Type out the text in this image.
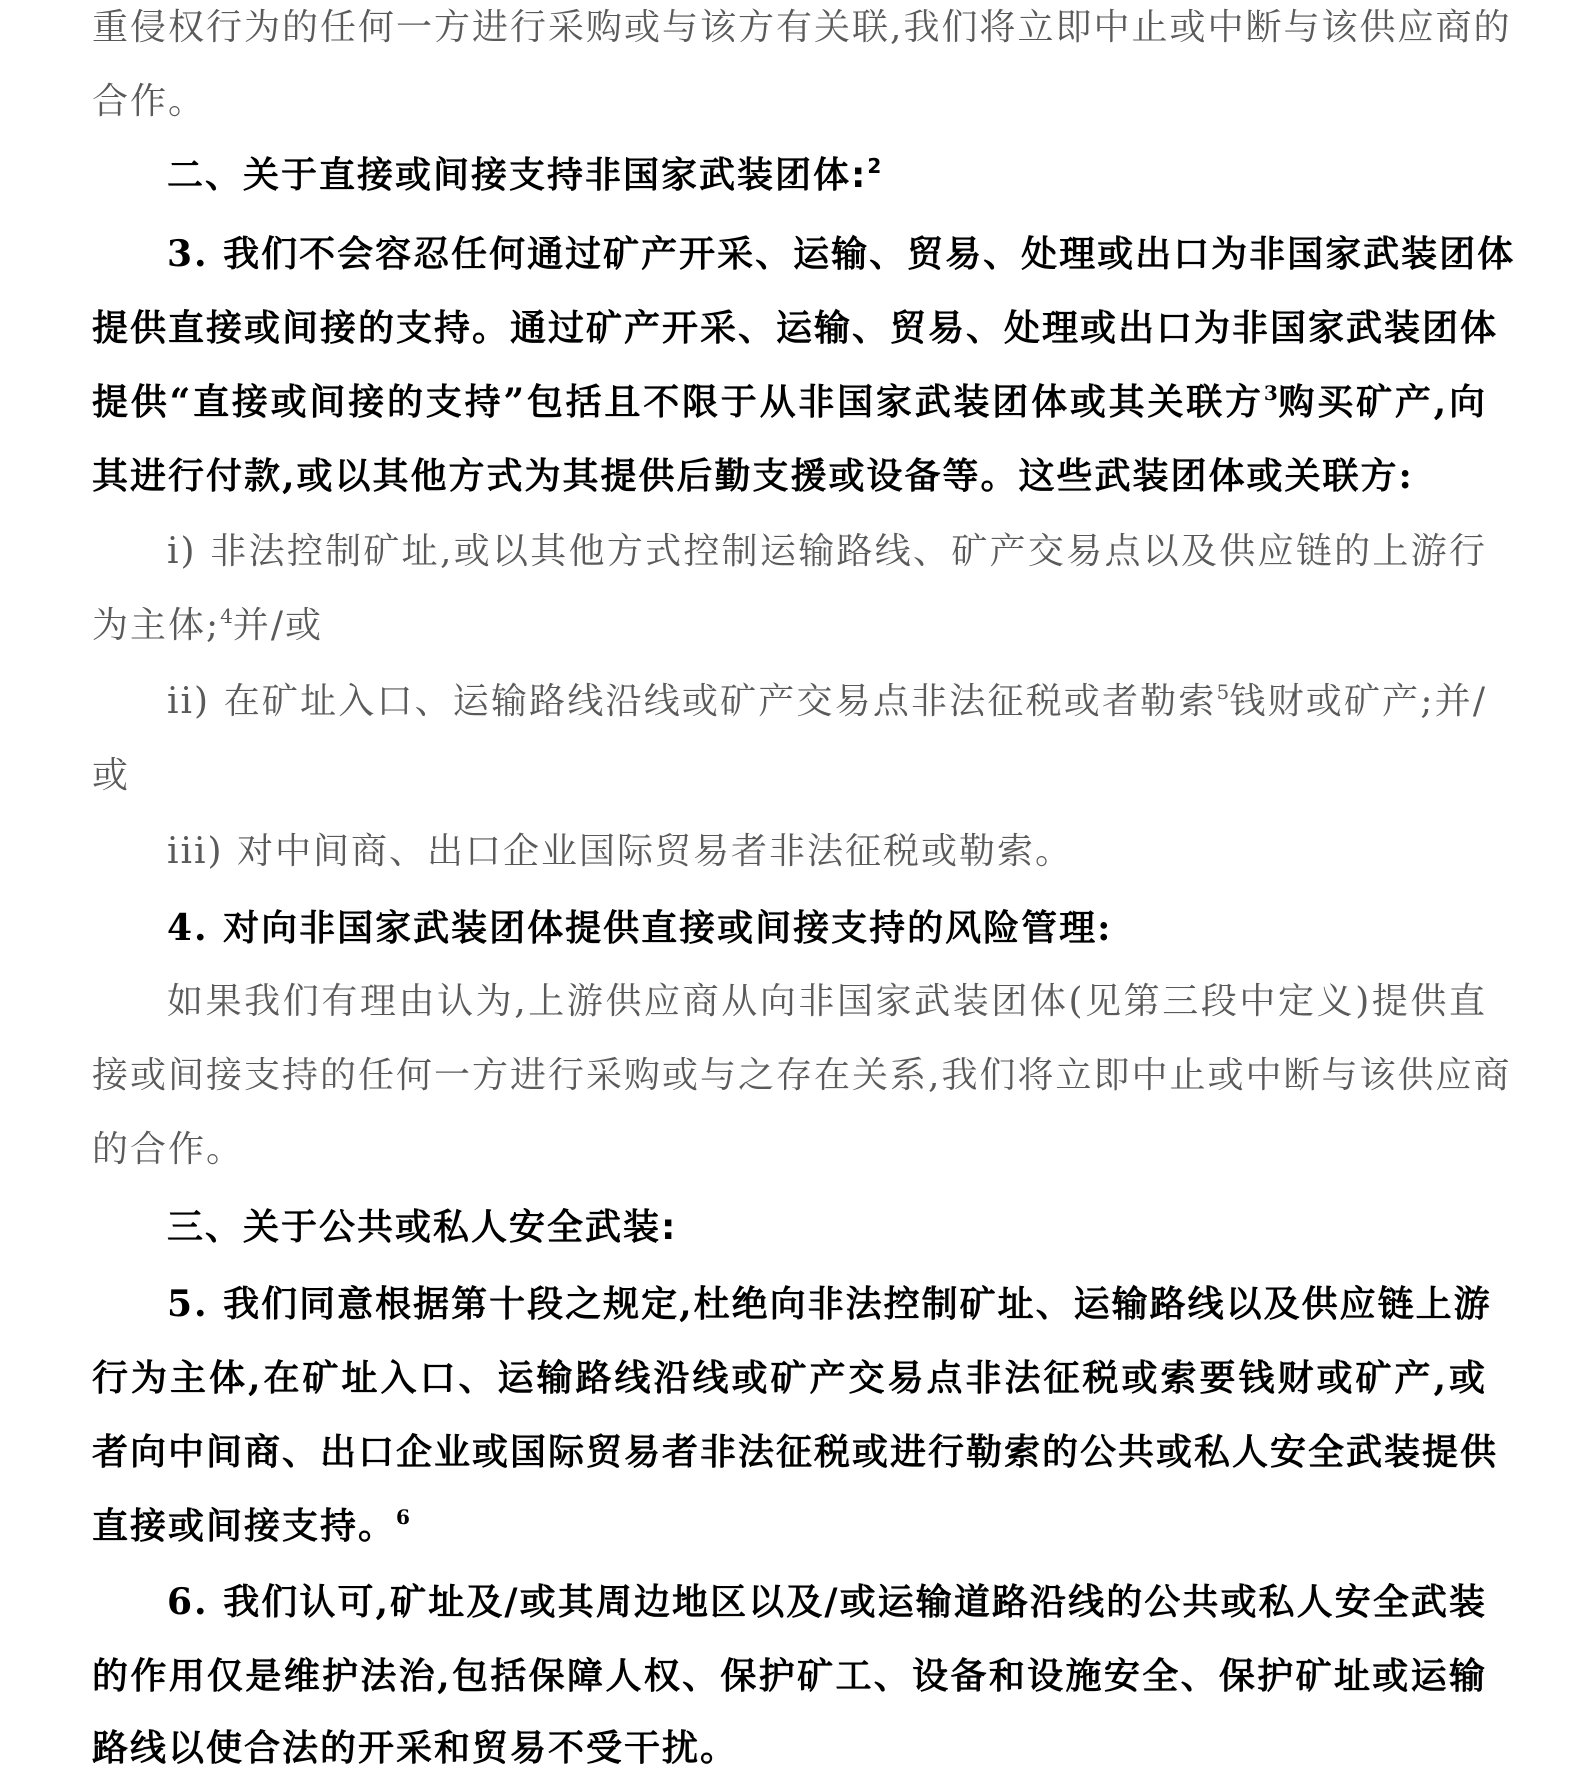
重侵权行为的任何一方进行采购或与该方有关联,我们将立即中止或中断与该供应商的
合作。
二、关于直接或间接支持非国家武装团体:$^2$
3. 我们不会容忍任何通过矿产开采、运输、贸易、处理或出口为非国家武装团体
提供直接或间接的支持。通过矿产开采、运输、贸易、处理或出口为非国家武装团体
提供“直接或间接的支持”包括且不限于从非国家武装团体或其关联方$^3$购买矿产,向
其进行付款,或以其他方式为其提供后勤支援或设备等。这些武装团体或关联方:
i) 非法控制矿址,或以其他方式控制运输路线、矿产交易点以及供应链的上游行
为主体;$^4$并/或
ii) 在矿址入口、运输路线沿线或矿产交易点非法征税或者勒索$^5$钱财或矿产;并/
或
iii) 对中间商、出口企业国际贸易者非法征税或勒索。
4. 对向非国家武装团体提供直接或间接支持的风险管理:
如果我们有理由认为,上游供应商从向非国家武装团体(见第三段中定义)提供直
接或间接支持的任何一方进行采购或与之存在关系,我们将立即中止或中断与该供应商
的合作。
三、关于公共或私人安全武装:
5. 我们同意根据第十段之规定,杜绝向非法控制矿址、运输路线以及供应链上游
行为主体,在矿址入口、运输路线沿线或矿产交易点非法征税或索要钱财或矿产,或
者向中间商、出口企业或国际贸易者非法征税或进行勒索的公共或私人安全武装提供
直接或间接支持。$^6$
6. 我们认可,矿址及/或其周边地区以及/或运输道路沿线的公共或私人安全武装
的作用仅是维护法治,包括保障人权、保护矿工、设备和设施安全、保护矿址或运输
路线以使合法的开采和贸易不受干扰。
